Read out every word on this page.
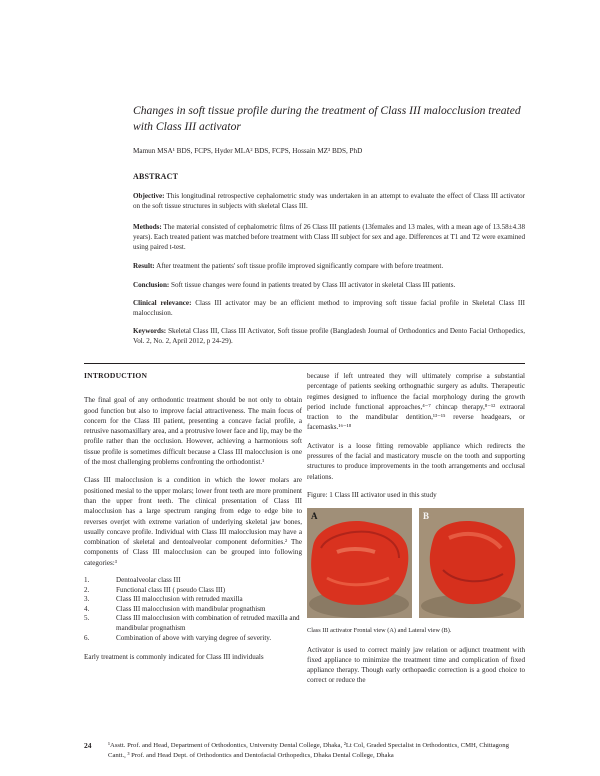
Changes in soft tissue profile during the treatment of Class III malocclusion treated with Class III activator
Mamun MSA¹ BDS, FCPS, Hyder MLA² BDS, FCPS, Hossain MZ³ BDS, PhD
ABSTRACT
Objective: This longitudinal retrospective cephalometric study was undertaken in an attempt to evaluate the effect of Class III activator on the soft tissue structures in subjects with skeletal Class III.
Methods: The material consisted of cephalometric films of 26 Class III patients (13females and 13 males, with a mean age of 13.58±4.38 years). Each treated patient was matched before treatment with Class III subject for sex and age. Differences at T1 and T2 were examined using paired t-test.
Result: After treatment the patients' soft tissue profile improved significantly compare with before treatment.
Conclusion: Soft tissue changes were found in patients treated by Class III activator in skeletal Class III patients.
Clinical relevance: Class III activator may be an efficient method to improving soft tissue facial profile in Skeletal Class III malocclusion.
Keywords: Skeletal Class III, Class III Activator, Soft tissue profile (Bangladesh Journal of Orthodontics and Dento Facial Orthopedics, Vol. 2, No. 2, April 2012, p 24-29).
INTRODUCTION

The final goal of any orthodontic treatment should be not only to obtain good function but also to improve facial attractiveness. The main focus of concern for the Class III patient, presenting a concave facial profile, a retrusive nasomaxillary area, and a protrusive lower face and lip, may be the profile rather than the occlusion. However, achieving a harmonious soft tissue profile is sometimes difficult because a Class III malocclusion is one of the most challenging problems confronting the orthodontist.¹

Class III malocclusion is a condition in which the lower molars are positioned mesial to the upper molars; lower front teeth are more prominent than the upper front teeth. The clinical presentation of Class III malocclusion has a large spectrum ranging from edge to edge bite to reverses overjet with extreme variation of underlying skeletal jaw bones, usually concave profile. Individual with Class III malocclusion may have a combination of skeletal and dentoalveolar component deformities.² The components of Class III malocclusion can be grouped into following categories:³

1.	Dentoalveolar class III
2.	Functional class III ( pseudo Class III)
3.	Class III malocclusion with retruded maxilla
4.	Class III malocclusion with mandibular prognathism
5.	Class III malocclusion with combination of retruded maxilla and mandibular prognathism
6.	Combination of above with varying degree of severity.

Early treatment is commonly indicated for Class III individuals

because if left untreated they will ultimately comprise a substantial percentage of patients seeking orthognathic surgery as adults. Therapeutic regimes designed to influence the facial morphology during the growth period include functional approaches,⁴⁻⁷ chincap therapy,⁸⁻¹² extraoral traction to the mandibular dentition,¹³⁻¹⁵ reverse headgears, or facemasks.¹⁶⁻¹⁸

Activator is a loose fitting removable appliance which redirects the pressures of the facial and masticatory muscle on the tooth and supporting structures to produce improvements in the tooth arrangements and occlusal relations.

Figure: 1 Class III activator used in this study

A	B

Class III activator Frontal view (A) and Lateral view (B).

Activator is used to correct mainly jaw relation or adjunct treatment with fixed appliance to minimize the treatment time and complication of fixed appliance therapy. Though early orthopaedic correction is a good choice to correct or reduce the

24 ¹Asstt. Prof. and Head, Department of Orthodontics, University Dental College, Dhaka, ²Lt Col, Graded Specialist in Orthodontics, CMH, Chittagong Cantt., ³ Prof. and Head Dept. of Orthodontics and Dentofacial Orthopedics, Dhaka Dental College, Dhaka
